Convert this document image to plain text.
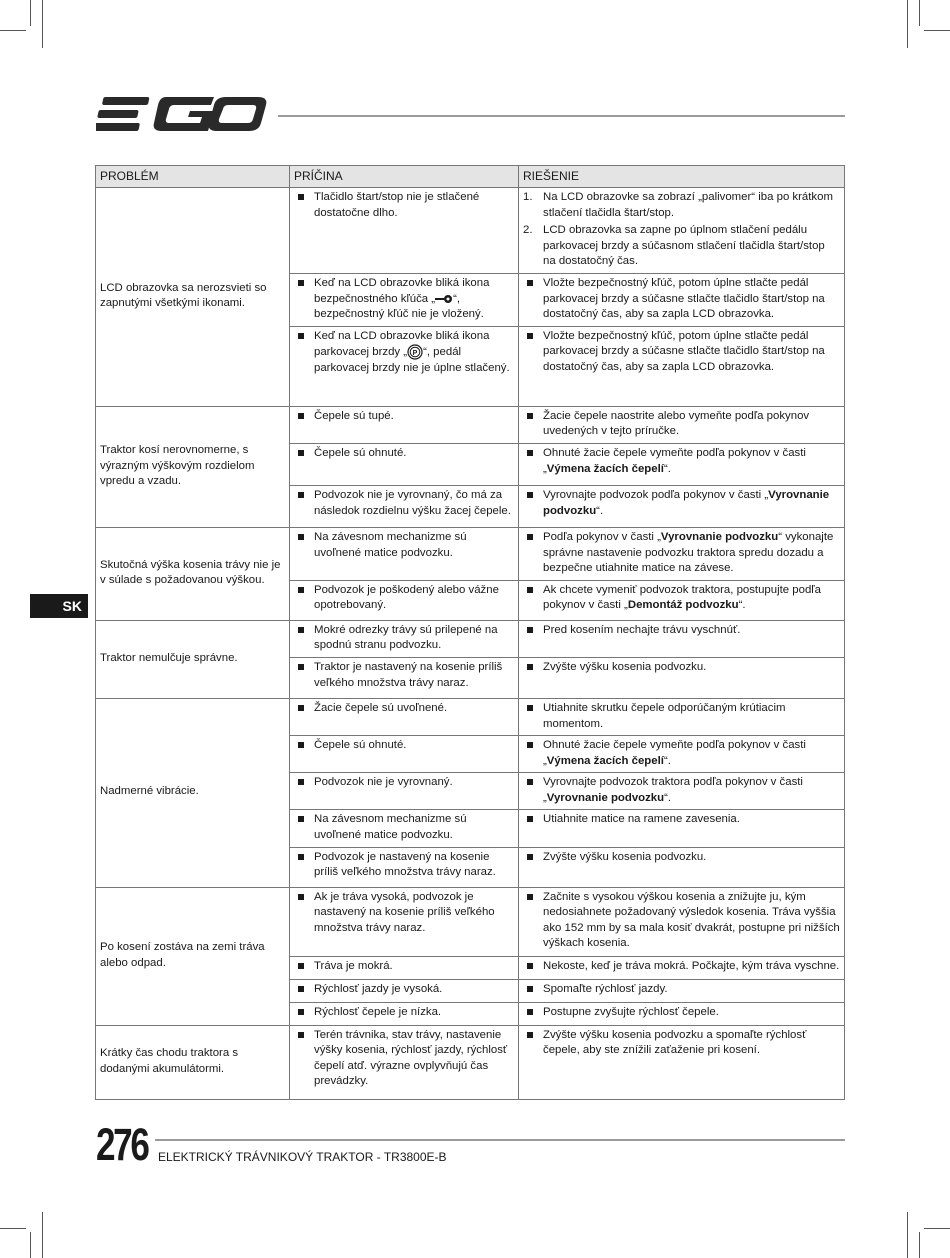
SK
PROBLÉM	PRÍČINA	RIEŠENIE
LCD obrazovka sa nerozsvieti so zapnutými všetkými ikonami.	Tlačidlo štart/stop nie je stlačené dostatočne dlho.	1. Na LCD obrazovke sa zobrazí „palivomer“ iba po krátkom stlačení tlačidla štart/stop.
2. LCD obrazovka sa zapne po úplnom stlačení pedálu parkovacej brzdy a súčasnom stlačení tlačidla štart/stop na dostatočný čas.

	Keď na LCD obrazovke bliká ikona bezpečnostného kľúča „ “, bezpečnostný kľúč nie je vložený.	Vložte bezpečnostný kľúč, potom úplne stlačte pedál parkovacej brzdy a súčasne stlačte tlačidlo štart/stop na dostatočný čas, aby sa zapla LCD obrazovka.

	Keď na LCD obrazovke bliká ikona parkovacej brzdy „ P “, pedál parkovacej brzdy nie je úplne stlačený.	Vložte bezpečnostný kľúč, potom úplne stlačte pedál parkovacej brzdy a súčasne stlačte tlačidlo štart/stop na dostatočný čas, aby sa zapla LCD obrazovka.

Traktor kosí nerovnomerne, s výrazným výškovým rozdielom vpredu a vzadu.	Čepele sú tupé.	Žacie čepele naostrite alebo vymeňte podľa pokynov uvedených v tejto príručke.

	Čepele sú ohnuté.	Ohnuté žacie čepele vymeňte podľa pokynov v časti „Výmena žacích čepelí“.

	Podvozok nie je vyrovnaný, čo má za následok rozdielnu výšku žacej čepele.	Vyrovnajte podvozok podľa pokynov v časti „Vyrovnanie podvozku“.

Skutočná výška kosenia trávy nie je v súlade s požadovanou výškou.	Na závesnom mechanizme sú uvoľnené matice podvozku.	Podľa pokynov v časti „Vyrovnanie podvozku“ vykonajte správne nastavenie podvozku traktora spredu dozadu a bezpečne utiahnite matice na závese.

	Podvozok je poškodený alebo vážne opotrebovaný.	Ak chcete vymeniť podvozok traktora, postupujte podľa pokynov v časti „Demontáž podvozku“.

Traktor nemulčuje správne.	Mokré odrezky trávy sú prilepené na spodnú stranu podvozku.	Pred kosením nechajte trávu vyschnúť.

	Traktor je nastavený na kosenie príliš veľkého množstva trávy naraz.	Zvýšte výšku kosenia podvozku.

Nadmerné vibrácie.	Žacie čepele sú uvoľnené.	Utiahnite skrutku čepele odporúčaným krútiacim momentom.

	Čepele sú ohnuté.	Ohnuté žacie čepele vymeňte podľa pokynov v časti „Výmena žacích čepelí“.

	Podvozok nie je vyrovnaný.	Vyrovnajte podvozok traktora podľa pokynov v časti „Vyrovnanie podvozku“.

	Na závesnom mechanizme sú uvoľnené matice podvozku.	Utiahnite matice na ramene zavesenia.

	Podvozok je nastavený na kosenie príliš veľkého množstva trávy naraz.	Zvýšte výšku kosenia podvozku.

Po kosení zostáva na zemi tráva alebo odpad.	Ak je tráva vysoká, podvozok je nastavený na kosenie príliš veľkého množstva trávy naraz.	Začnite s vysokou výškou kosenia a znižujte ju, kým nedosiahnete požadovaný výsledok kosenia. Tráva vyššia ako 152 mm by sa mala kosiť dvakrát, postupne pri nižších výškach kosenia.

	Tráva je mokrá.	Nekoste, keď je tráva mokrá. Počkajte, kým tráva vyschne.

	Rýchlosť jazdy je vysoká.	Spomaľte rýchlosť jazdy.

	Rýchlosť čepele je nízka.	Postupne zvyšujte rýchlosť čepele.

Krátky čas chodu traktora s dodanými akumulátormi.	Terén trávnika, stav trávy, nastavenie výšky kosenia, rýchlosť jazdy, rýchlosť čepelí atď. výrazne ovplyvňujú čas prevádzky.	Zvýšte výšku kosenia podvozku a spomaľte rýchlosť čepele, aby ste znížili zaťaženie pri kosení.
276 ELEKTRICKÝ TRÁVNIKOVÝ TRAKTOR - TR3800E-B
